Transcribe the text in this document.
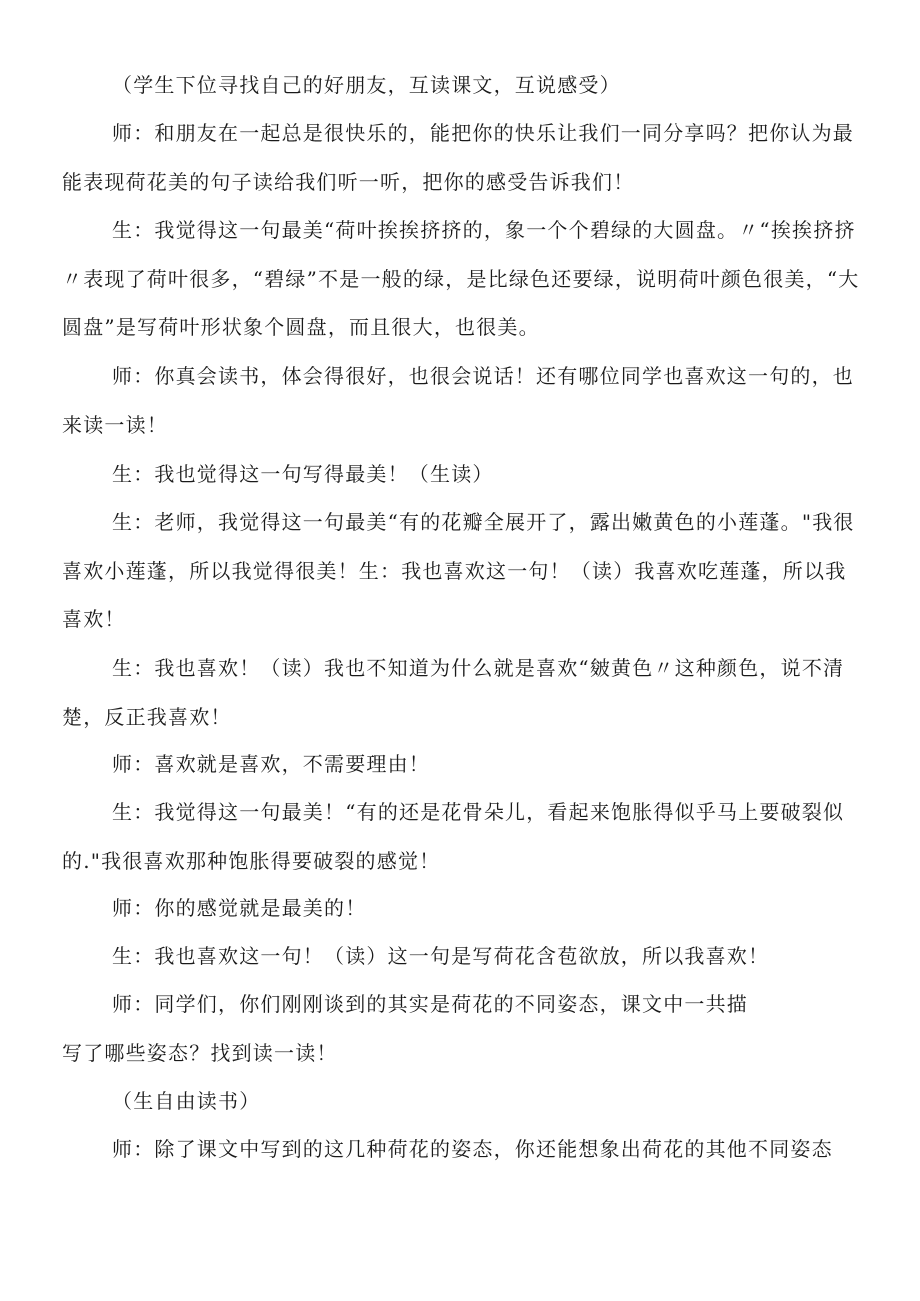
（学生下位寻找自己的好朋友，互读课文，互说感受）

师：和朋友在一起总是很快乐的，能把你的快乐让我们一同分享吗？把你认为最能表现荷花美的句子读给我们听一听，把你的感受告诉我们！

生：我觉得这一句最美“荷叶挨挨挤挤的，象一个个碧绿的大圆盘。〃“挨挨挤挤〃表现了荷叶很多，“碧绿”不是一般的绿，是比绿色还要绿，说明荷叶颜色很美，“大圆盘”是写荷叶形状象个圆盘，而且很大，也很美。

师：你真会读书，体会得很好，也很会说话！还有哪位同学也喜欢这一句的，也来读一读！

生：我也觉得这一句写得最美！（生读）

生：老师，我觉得这一句最美“有的花瓣全展开了，露出嫩黄色的小莲蓬。"我很喜欢小莲蓬，所以我觉得很美！生：我也喜欢这一句！（读）我喜欢吃莲蓬，所以我喜欢！

生：我也喜欢！（读）我也不知道为什么就是喜欢“皴黄色〃这种颜色，说不清楚，反正我喜欢！

师：喜欢就是喜欢，不需要理由！

生：我觉得这一句最美！“有的还是花骨朵儿，看起来饱胀得似乎马上要破裂似的."我很喜欢那种饱胀得要破裂的感觉！

师：你的感觉就是最美的！

生：我也喜欢这一句！（读）这一句是写荷花含苞欲放，所以我喜欢！

师：同学们，你们刚刚谈到的其实是荷花的不同姿态，课文中一共描写了哪些姿态？找到读一读！

（生自由读书）

师：除了课文中写到的这几种荷花的姿态，你还能想象出荷花的其他不同姿态
